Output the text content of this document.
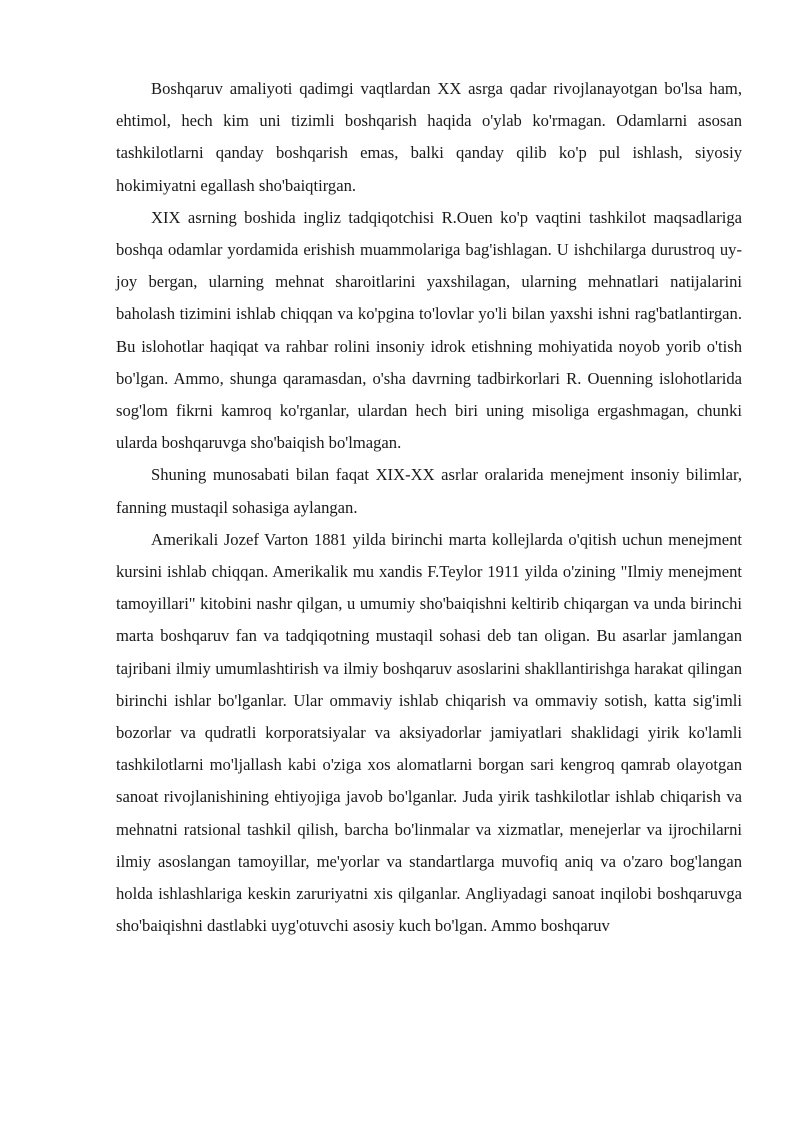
Boshqaruv amaliyoti qadimgi vaqtlardan XX asrga qadar rivojlanayotgan bo'lsa ham, ehtimol, hech kim uni tizimli boshqarish haqida o'ylab ko'rmagan. Odamlarni asosan tashkilotlarni qanday boshqarish emas, balki qanday qilib ko'p pul ishlash, siyosiy hokimiyatni egallash sho'baiqtirgan.

XIX asrning boshida ingliz tadqiqotchisi R.Ouen ko'p vaqtini tashkilot maqsadlariga boshqa odamlar yordamida erishish muammolariga bag'ishlagan. U ishchilarga durustroq uy-joy bergan, ularning mehnat sharoitlarini yaxshilagan, ularning mehnatlari natijalarini baholash tizimini ishlab chiqqan va ko'pgina to'lovlar yo'li bilan yaxshi ishni rag'batlantirgan. Bu islohotlar haqiqat va rahbar rolini insoniy idrok etishning mohiyatida noyob yorib o'tish bo'lgan. Ammo, shunga qaramasdan, o'sha davrning tadbirkorlari R. Ouenning islohotlarida sog'lom fikrni kamroq ko'rganlar, ulardan hech biri uning misoliga ergashmagan, chunki ularda boshqaruvga sho'baiqish bo'lmagan.

Shuning munosabati bilan faqat XIX-XX asrlar oralarida menejment insoniy bilimlar, fanning mustaqil sohasiga aylangan.

Amerikali Jozef Varton 1881 yilda birinchi marta kollejlarda o'qitish uchun menejment kursini ishlab chiqqan. Amerikalik mu xandis F.Teylor 1911 yilda o'zining "Ilmiy menejment tamoyillari" kitobini nashr qilgan, u umumiy sho'baiqishni keltirib chiqargan va unda birinchi marta boshqaruv fan va tadqiqotning mustaqil sohasi deb tan oligan. Bu asarlar jamlangan tajribani ilmiy umumlashtirish va ilmiy boshqaruv asoslarini shakllantirishga harakat qilingan birinchi ishlar bo'lganlar. Ular ommaviy ishlab chiqarish va ommaviy sotish, katta sig'imli bozorlar va qudratli korporatsiyalar va aksiyadorlar jamiyatlari shaklidagi yirik ko'lamli tashkilotlarni mo'ljallash kabi o'ziga xos alomatlarni borgan sari kengroq qamrab olayotgan sanoat rivojlanishining ehtiyojiga javob bo'lganlar. Juda yirik tashkilotlar ishlab chiqarish va mehnatni ratsional tashkil qilish, barcha bo'linmalar va xizmatlar, menejerlar va ijrochilarni ilmiy asoslangan tamoyillar, me'yorlar va standartlarga muvofiq aniq va o'zaro bog'langan holda ishlashlariga keskin zaruriyatni xis qilganlar. Angliyadagi sanoat inqilobi boshqaruvga sho'baiqishni dastlabki uyg'otuvchi asosiy kuch bo'lgan. Ammo boshqaruv
